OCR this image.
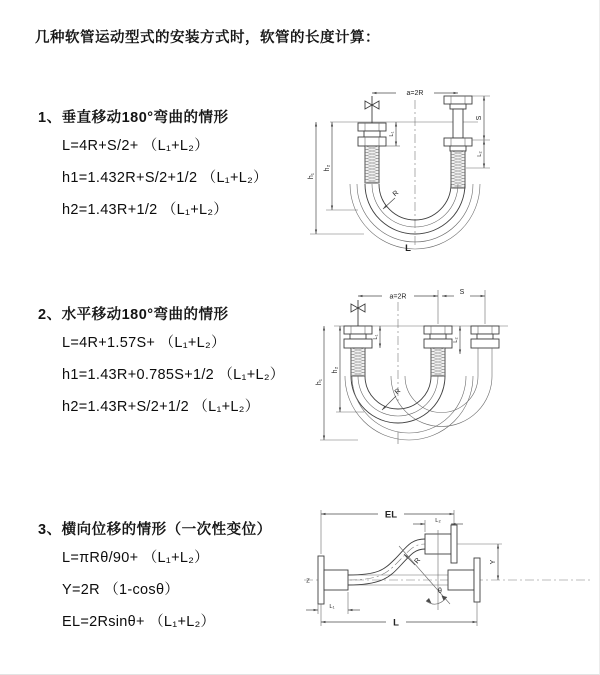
几种软管运动型式的安装方式时，软管的长度计算：
1、垂直移动180°弯曲的情形
L=4R+S/2+ （L₁+L₂）
h1=1.432R+S/2+1/2 （L₁+L₂）
h2=1.43R+1/2 （L₁+L₂）
a=2R
h₁
h₂
L₁
S
L₂
R
L
2、水平移动180°弯曲的情形
L=4R+1.57S+ （L₁+L₂）
h1=1.43R+0.785S+1/2 （L₁+L₂）
h2=1.43R+S/2+1/2 （L₁+L₂）
a=2R
S
h₁
h₂
L₁
L₂
R
3、横向位移的情形（一次性变位）
L=πRθ/90+ （L₁+L₂）
Y=2R （1-cosθ）
EL=2Rsinθ+ （L₁+L₂）
Z
EL
L₂
Y
θ
R
L
L₁
